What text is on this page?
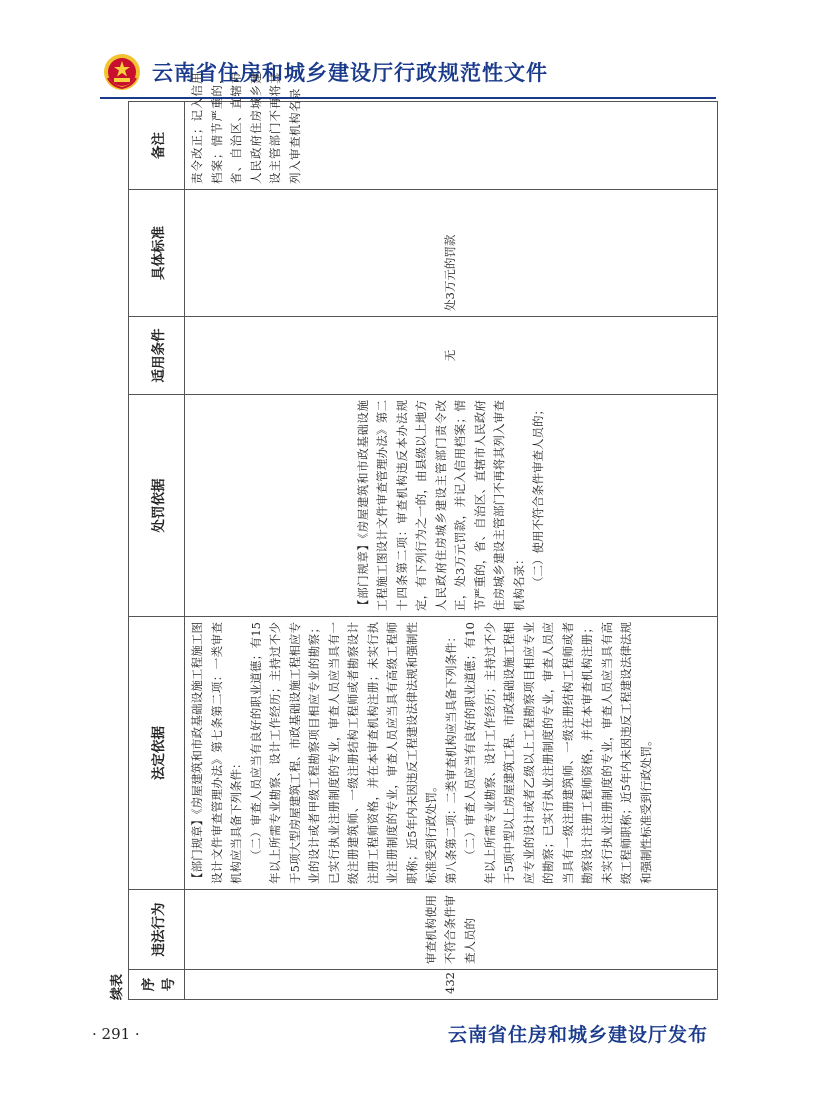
云南省住房和城乡建设厅行政规范性文件
续表 序号	违法行为	法定依据	处罚依据	适用条件	具体标准	备注
432	审查机构使用不符合条件审查人员的	【部门规章】《房屋建筑和市政基础设施工程施工图设计文件审查管理办法》第七条第二项：一类审查机构应当具备下列条件： （二）审查人员应当有良好的职业道德；有15年以上所需专业勘察、设计工作经历；主持过不少于5项大型房屋建筑工程、市政基础设施工程相应专业的设计或者甲级工程勘察项目相应专业的勘察；已实行执业注册制度的专业，审查人员应当具有一级注册建筑师、一级注册结构工程师或者勘察设计注册工程师资格，并在本审查机构注册；未实行执业注册制度的专业，审查人员应当具有高级工程师职称；近5年内未因违反工程建设法律法规和强制性标准受到行政处罚。 第八条第二项：二类审查机构应当具备下列条件： （二）审查人员应当有良好的职业道德；有10年以上所需专业勘察、设计工作经历；主持过不少于5项中型以上房屋建筑工程、市政基础设施工程相应专业的设计或者乙级以上工程勘察项目相应专业的勘察；已实行执业注册制度的专业，审查人员应当具有一级注册建筑师、一级注册结构工程师或者勘察设计注册工程师资格，并在本审查机构注册；未实行执业注册制度的专业，审查人员应当具有高级工程师职称；近5年内未因违反工程建设法律法规和强制性标准受到行政处罚。	【部门规章】《房屋建筑和市政基础设施工程施工图设计文件审查管理办法》第二十四条第二项：审查机构违反本办法规定，有下列行为之一的，由县级以上地方人民政府住房城乡建设主管部门责令改正，处3万元罚款，并记入信用档案；情节严重的，省、自治区、直辖市人民政府住房城乡建设主管部门不再将其列入审查机构名录： （二）使用不符合条件审查人员的；	无	处3万元的罚款	责令改正；记入信用档案；情节严重的，省、自治区、直辖市人民政府住房城乡建设主管部门不再将其列入审查机构名录
· 291 ·	云南省住房和城乡建设厅发布
